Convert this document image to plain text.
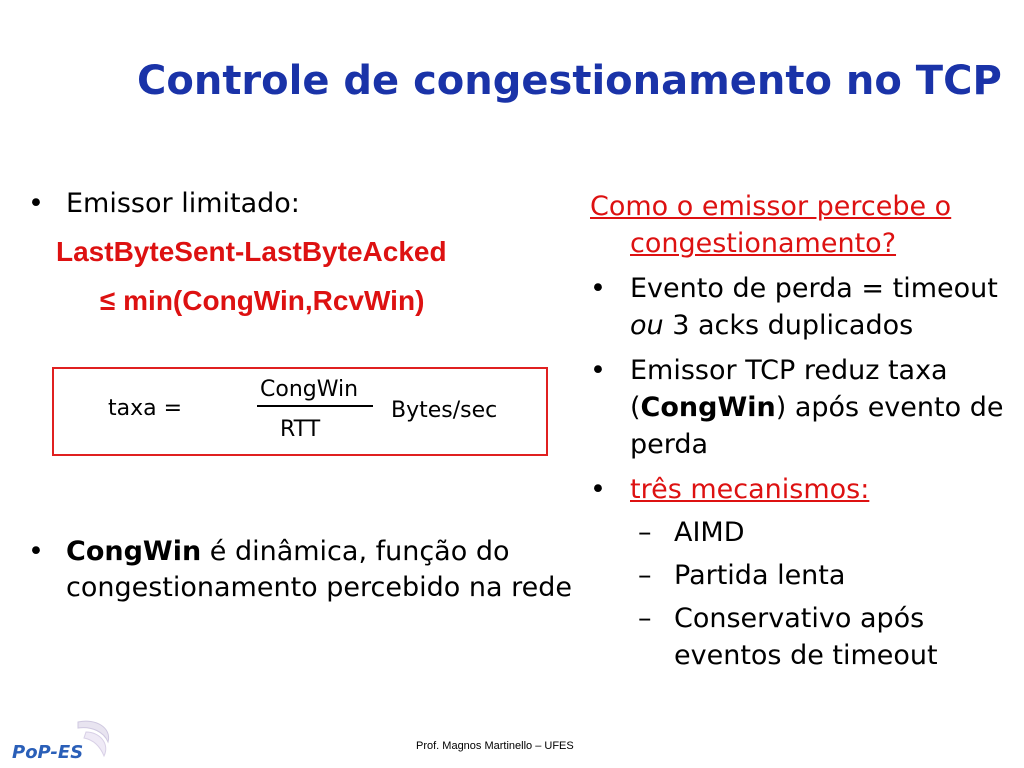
Controle de congestionamento no TCP
• Emissor limitado:
LastByteSent-LastByteAcked
≤ min(CongWin,RcvWin)
taxa =
CongWin
RTT
Bytes/sec
• CongWin é dinâmica, função do congestionamento percebido na rede
Como o emissor percebe o congestionamento?
• Evento de perda = timeout ou 3 acks duplicados
• Emissor TCP reduz taxa (CongWin) após evento de perda
• três mecanismos:
– AIMD
– Partida lenta
– Conservativo após eventos de timeout
PoP-ES	Prof. Magnos Martinello – UFES
